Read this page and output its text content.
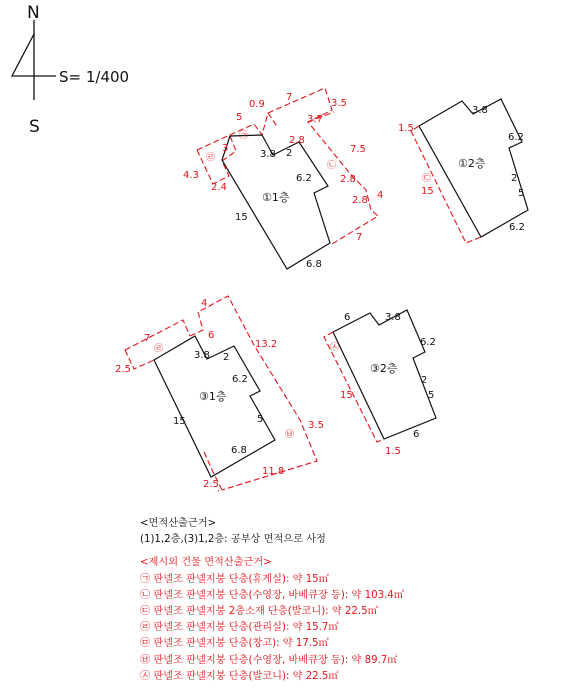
N
S
S= 1/400
①1층
3.8 2
6.2
15
6.8
0.9
7
3.5
5
3
3.7
2.8
7.5
4.3
2.4
2.8
4
2.8
7
㉠
㉡
㉣	①2층
3.8
6.2
2
5
6.2
1.5
15
㉢
③1층
3.8 2
6.2
5
15
6.8
7
2.5
4
6
13.2
3.5
2.5
11.8
㉣
㉥
③2층
6	3.8
6.2
2
5
6
15
1.5
㉦
<면적산출근거>
(1)1,2층,(3)1,2층: 공부상 면적으로 사정
<제시외 건물 면적산출근거>
㉠ 판넬조 판넬지붕 단층(휴게실): 약 15㎡
㉡ 판넬조 판넬지붕 단층(수영장, 바베큐장 등): 약 103.4㎡
㉢ 판넬조 판넬지붕 2층소재 단층(발코니): 약 22.5㎡
㉣ 판넬조 판넬지붕 단층(관리실): 약 15.7㎡
㉤ 판넬조 판넬지붕 단층(창고): 약 17.5㎡
㉥ 판넬조 판넬지붕 단층(수영장, 바베큐장 등): 약 89.7㎡
㉦ 판넬조 판넬지붕 단층(발코니): 약 22.5㎡
